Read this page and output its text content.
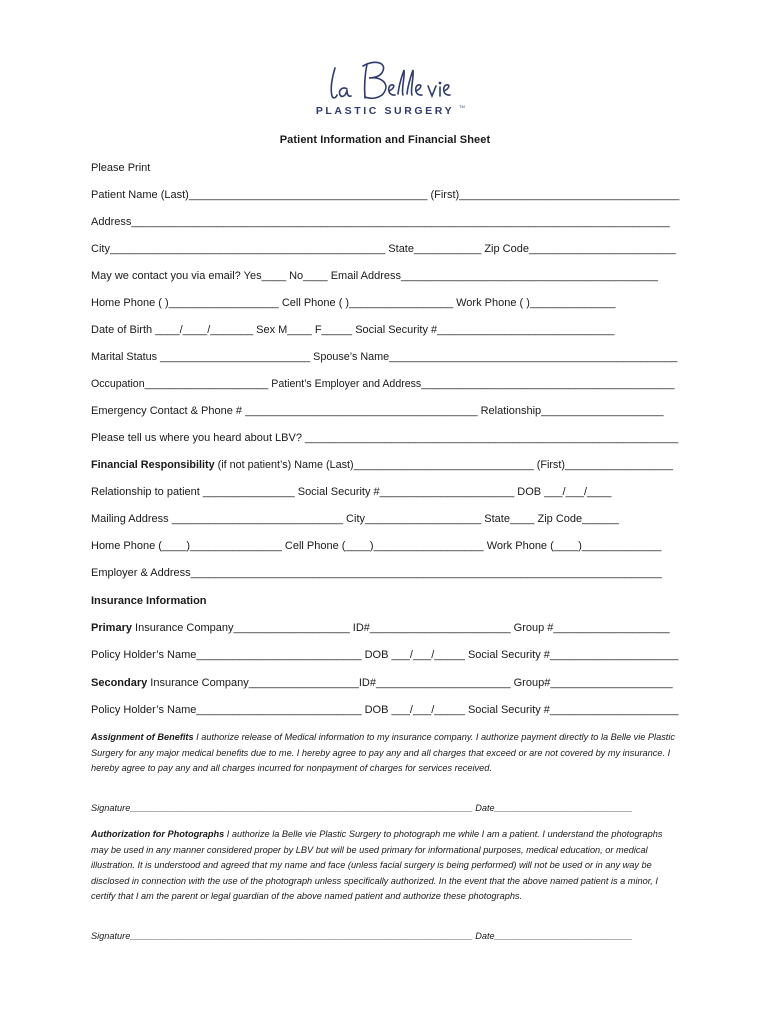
PLASTIC SURGERY TM
Patient Information and Financial Sheet
Please Print
Patient Name (Last)_______________________________________ (First)____________________________________
Address________________________________________________________________________________________
City_____________________________________________ State___________ Zip Code________________________
May we contact you via email? Yes____ No____ Email Address__________________________________________
Home Phone ( )__________________ Cell Phone ( )_________________ Work Phone ( )______________
Date of Birth ____/____/_______ Sex M____ F_____ Social Security #_____________________________
Marital Status _________________________ Spouse’s Name________________________________________________
Occupation_____________________ Patient’s Employer and Address___________________________________________
Emergency Contact & Phone # ______________________________________ Relationship____________________
Please tell us where you heard about LBV? _____________________________________________________________
Financial Responsibility (if not patient’s) Name (Last)______________________________ (First)__________________
Relationship to patient _______________ Social Security #______________________ DOB ___/___/____
Mailing Address ____________________________ City___________________ State____ Zip Code______
Home Phone (____)_______________ Cell Phone (____)__________________ Work Phone (____)_____________
Employer & Address_____________________________________________________________________________
Insurance Information
Primary Insurance Company___________________ ID#_______________________ Group #___________________
Policy Holder’s Name___________________________ DOB ___/___/_____ Social Security #_____________________
Secondary Insurance Company__________________ID#______________________ Group#____________________
Policy Holder’s Name___________________________ DOB ___/___/_____ Social Security #_____________________
Assignment of Benefits I authorize release of Medical information to my insurance company. I authorize payment directly to la Belle vie Plastic Surgery for any major medical benefits due to me. I hereby agree to pay any and all charges that exceed or are not covered by my insurance. I hereby agree to pay any and all charges incurred for nonpayment of charges for services received.
Signature___________________________________________________________________ Date___________________________
Authorization for Photographs I authorize la Belle vie Plastic Surgery to photograph me while I am a patient. I understand the photographs may be used in any manner considered proper by LBV but will be used primary for informational purposes, medical education, or medical illustration. It is understood and agreed that my name and face (unless facial surgery is being performed) will not be used or in any way be disclosed in connection with the use of the photograph unless specifically authorized. In the event that the above named patient is a minor, I certify that I am the parent or legal guardian of the above named patient and authorize these photographs.
Signature___________________________________________________________________ Date___________________________
